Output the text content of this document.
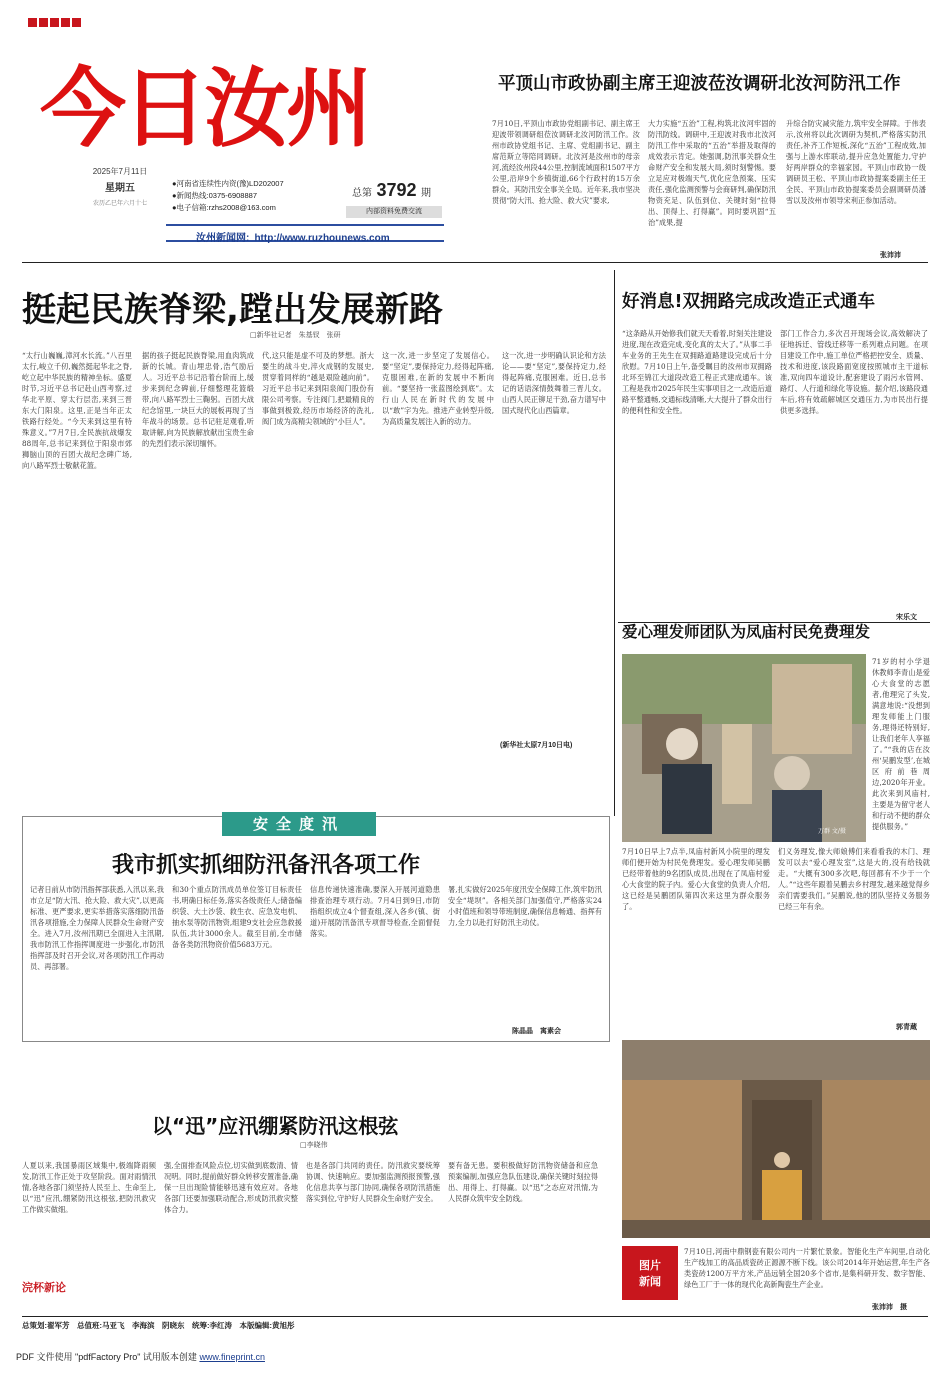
今日汝州
2025年7月11日
星期五
农历乙巳年六月十七
●河南省连续性内资(豫)LD202007
●新闻热线:0375-6908887
●电子信箱:rzhs2008@163.com
总第 3792 期
内部资料免费交流
汝州新闻网: http://www.ruzhounews.com
平顶山市政协副主席王迎波莅汝调研北汝河防汛工作
7月10日,平顶山市政协党组副书记、副主席王迎波带领调研组莅汝调研北汝河防汛工作。汝州市政协党组书记、主席、党组副书记、副主席范斯立等陪同调研。北汝河是汝州市的母亲河,流经汝州段44公里,控制流域面积1507平方公里,沿岸9个乡镇街道,66个行政村的15万余群众。其防汛安全事关全局。近年来,我市坚决贯彻“防大汛、抢大险、救大灾”要求,
大力实施“五治”工程,构筑北汝河牢固的防汛防线。调研中,王迎波对我市北汝河防汛工作中采取的“五治”举措及取得的成效表示肯定。她强调,防汛事关群众生命财产安全和发展大局,须时刻警惕。要立足应对极端天气,优化应急预案、压实责任,强化监测预警与会商研判,确保防汛物资充足、队伍到位、关键时刻“拉得出、顶得上、打得赢”。同时要巩固“五治”成果,提
升综合防灾减灾能力,筑牢安全屏障。于伟表示,汝州将以此次调研为契机,严格落实防汛责任,补齐工作短板,深化“五治”工程成效,加强与上游水库联动,提升应急处置能力,守护好两岸群众的幸福家园。平顶山市政协一级调研员王松、平顶山市政协提案委副主任王全民、平顶山市政协提案委员会副调研员潘雪以及汝州市领导宋利正参加活动。
张沛沛
挺起民族脊梁,蹚出发展新路
□新华社记者　朱基钗　张研
“太行山巍巍,漳河水长流。”八百里太行,峻立千仞,巍然挺起华北之脊,屹立起中华民族的精神坐标。盛夏时节,习近平总书记赴山西考察,过华北平原、穿太行层峦,来到三晋东大门阳泉。这里,正是当年正太铁路行经处。“今天来到这里有特殊意义。”7月7日,全民族抗战爆发88周年,总书记来到位于阳泉市郊狮脑山顶的百团大战纪念碑广场,向八路军烈士敬献花篮。
据的孩子挺起民族脊梁,用血肉筑成新的长城。青山埋忠骨,浩气励后人。习近平总书记沿着台阶而上,缓步来到纪念碑前,仔细整理花篮缎带,向八路军烈士三鞠躬。百团大战纪念馆里,一块巨大的展板再现了当年战斗的场景。总书记驻足观看,听取讲解,向为民族解放献出宝贵生命的先烈们表示深切缅怀。
代,这只能是虚不可及的梦想。浙大要生的战斗史,淬火成钢的发展史,贯穿着同样的“越是艰险越向前”。习近平总书记来到阳泉阀门股份有限公司考察。专注阀门,把最精良的事做到极致,经历市场经济的洗礼,阀门成为高精尖领域的“小巨人”。
这一次,进一步坚定了发展信心。要“坚定”,要保持定力,经得起阵痛,克服困难,在新的发展中不断向前。“要坚持一张蓝图绘到底”。太行山人民在新时代的发展中以“敢”字为先。推进产业转型升级,为高质量发展注入新的动力。
这一次,进一步明确认识论和方法论——要“坚定”,要保持定力,经得起阵痛,克服困难。近日,总书记的话语深情鼓舞着三晋儿女。山西人民正铆足干劲,奋力谱写中国式现代化山西篇章。
(新华社太原7月10日电)
好消息!双拥路完成改造正式通车
“这条路从开始修我们就天天看着,时刻关注建设进度,现在改造完成,变化真的太大了。”从事二手车业务的王先生在双拥路道路建设完成后十分欣慰。7月10日上午,备受瞩目的汝州市双拥路北环至锦江大道段改造工程正式建成通车。该工程是我市2025年民生实事项目之一,改造后道路平整通畅,交通标线清晰,大大提升了群众出行的便利性和安全性。
部门工作合力,多次召开现场会议,高效解决了征地拆迁、管线迁移等一系列难点问题。在项目建设工作中,施工单位严格把控安全、质量、技术和进度,该段路面宽度按照城市主干道标准,双向四车道设计,配套建设了雨污水管网、路灯、人行道和绿化等设施。据介绍,该路段通车后,将有效疏解城区交通压力,为市民出行提供更多选择。
宋乐文
爱心理发师团队为凤庙村民免费理发
万群 文/摄
71岁的村小学退休教师李青山是爱心大食堂的志愿者,他理完了头发,满意地说:“没想到理发师能上门服务,理得还特别好,让我们老年人享福了。”“我的店在汝州‘吴鹏发型’,在城区府前巷周边,2020年开业。此次来到风庙村,主要是为留守老人和行动不便的群众提供服务。”
7月10日早上7点半,凤庙村新风小院里的理发师们便开始为村民免费理发。爱心理发师吴鹏已经带着他的9名团队成员,出现在了凤庙村爱心大食堂的院子内。爱心大食堂的负责人介绍,这已经是吴鹏团队第四次来这里为群众服务了。
们义务理发,像大师娘傅们来看看我的木门、理发可以去“爱心理发室”,这是大的,没有给钱就走。“大概有300多次吧,每回都有不少于一个人。”“这些年跟着吴鹏去乡村理发,越来越觉得乡亲们需要我们。”吴鹏说,他的团队坚持义务服务已经三年有余。
郭青蔵
安全度汛
我市抓实抓细防汛备汛各项工作
记者日前从市防汛指挥部获悉,入汛以来,我市立足“防大汛、抢大险、救大灾”,以更高标准、更严要求,更实举措落实落细防汛备汛各项措施,全力保障人民群众生命财产安全。进入7月,汝州汛期已全面进入主汛期,我市防汛工作指挥调度进一步强化,市防汛指挥部及时召开会议,对各项防汛工作再动员、再部署。
和30个重点防汛成员单位签订目标责任书,明确日标任务,落实各级责任人;储备编织袋、大土沙袋、救生衣、应急发电机、抽水泵等防汛物资,组建9支社会应急救援队伍,共计3000余人。截至目前,全市储备各类防汛物资价值5683万元。
信息传递快速准确,要深入开展河道隐患排查治理专项行动。7月4日到9日,市防指组织成立4个督查组,深入各乡(镇、街道)开展防汛备汛专项督导检查,全面督促落实。
署,扎实做好2025年度汛安全保障工作,筑牢防汛安全“堤坝”。各相关部门加强值守,严格落实24小时值班和领导带班制度,确保信息畅通、指挥有力,全力以赴打好防汛主动仗。
陈晶晶　寓素会
以“迅”应汛绷紧防汛这根弦
□李晓伟
人夏以来,我国暴雨区域集中,极端降雨频发,防汛工作正处于攻坚阶段。面对雨情汛情,各地各部门须坚持人民至上、生命至上,以“迅”应汛,绷紧防汛这根弦,把防汛救灾工作做实做细。
浣杯新论
强,全面排查风险点位,切实做到底数清、情况明。同时,提前做好群众转移安置准备,确保一旦出现险情能够迅速有效应对。各地各部门还要加强联动配合,形成防汛救灾整体合力。
也是各部门共同的责任。防汛救灾要统筹协调、快速响应。要加强监测预报预警,强化信息共享与部门协同,确保各项防汛措施落实到位,守护好人民群众生命财产安全。
要有备无患。要积极做好防汛物资储备和应急预案编制,加强应急队伍建设,确保关键时刻拉得出、用得上、打得赢。以“迅”之态应对汛情,为人民群众筑牢安全防线。
图片
新闻
7月10日,河南中鼎钢瓷有限公司内一片繁忙景象。智能化生产车间里,自动化生产线加工的高品质瓷砖正源源不断下线。该公司2014年开始运营,年生产各类瓷砖1200万平方米,产品远销全国20多个省市,是集科研开发、数字智能、绿色工厂于一体的现代化高新陶瓷生产企业。
张沛沛　摄
总策划:翟军芳　总值班:马亚飞　李海滨　阴晓东　统筹:李红涛　本版编辑:黄旭彤
PDF 文件使用 "pdfFactory Pro" 试用版本创建 www.fineprint.cn
